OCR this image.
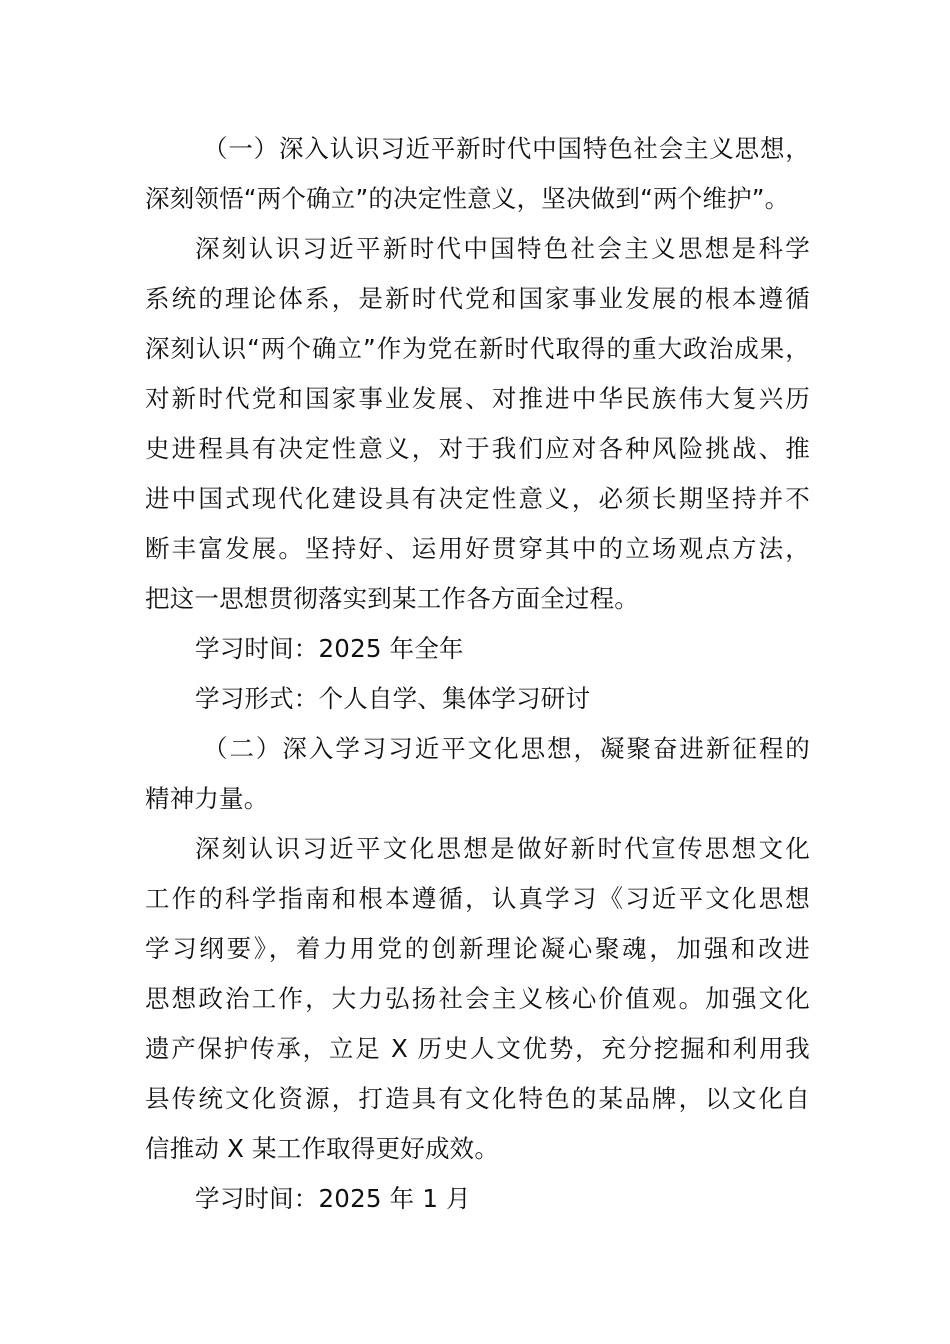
（一）深入认识习近平新时代中国特色社会主义思想，
深刻领悟“两个确立”的决定性意义，坚决做到“两个维护”。
深刻认识习近平新时代中国特色社会主义思想是科学
系统的理论体系，是新时代党和国家事业发展的根本遵循
深刻认识“两个确立”作为党在新时代取得的重大政治成果，
对新时代党和国家事业发展、对推进中华民族伟大复兴历
史进程具有决定性意义，对于我们应对各种风险挑战、推
进中国式现代化建设具有决定性意义，必须长期坚持并不
断丰富发展。坚持好、运用好贯穿其中的立场观点方法，
把这一思想贯彻落实到某工作各方面全过程。
学习时间：2025 年全年
学习形式：个人自学、集体学习研讨
（二）深入学习习近平文化思想，凝聚奋进新征程的
精神力量。
深刻认识习近平文化思想是做好新时代宣传思想文化
工作的科学指南和根本遵循，认真学习《习近平文化思想
学习纲要》，着力用党的创新理论凝心聚魂，加强和改进
思想政治工作，大力弘扬社会主义核心价值观。加强文化
遗产保护传承，立足 X 历史人文优势，充分挖掘和利用我
县传统文化资源，打造具有文化特色的某品牌，以文化自
信推动 X 某工作取得更好成效。
学习时间：2025 年 1 月
